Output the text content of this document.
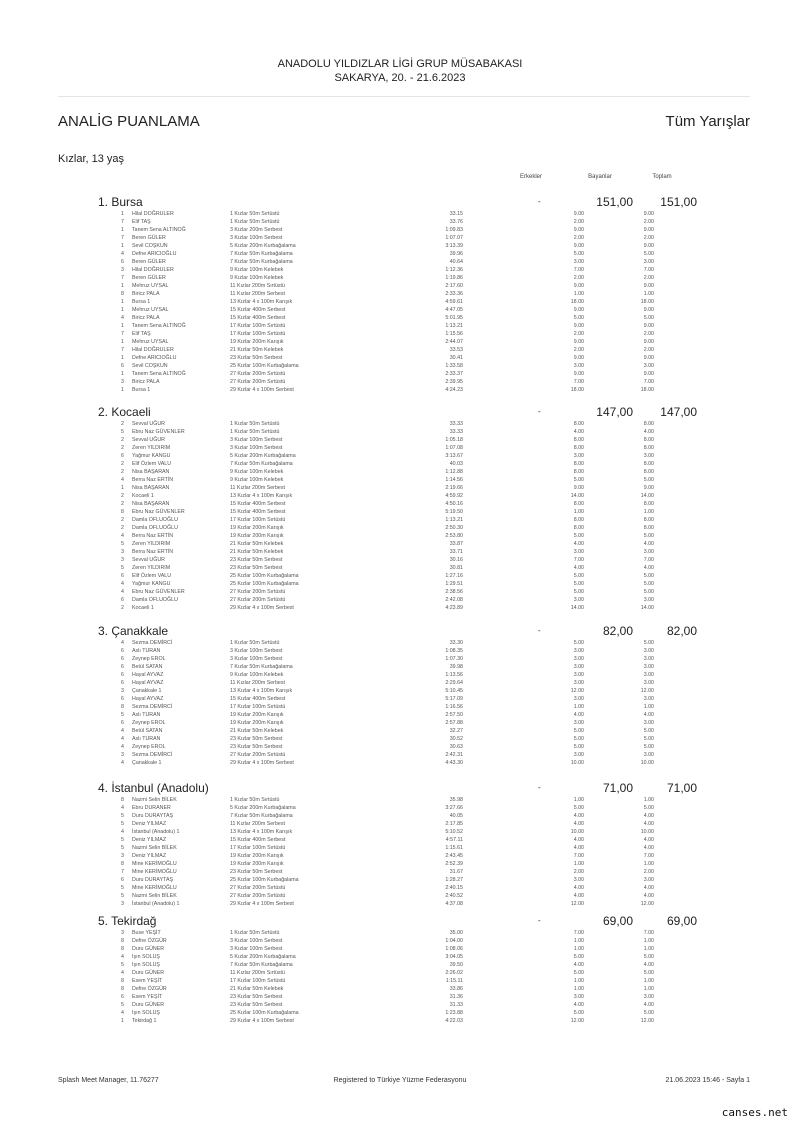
ANADOLU YILDIZLAR LİGİ GRUP MÜSABAKASI
SAKARYA, 20. - 21.6.2023
ANALİG PUANLAMA	Tüm Yarışlar
Kızlar, 13 yaş
Erkekler	Bayanlar	Toplam
1. Bursa	-	151,00	151,00
1 Hilal DOĞRULER	1 Kızlar 50m Sırtüstü	33.15	9.00	9.00
7 Elif TAŞ	1 Kızlar 50m Sırtüstü	33.76	2.00	2.00
1 Tanem Sena ALTINOĞ	3 Kızlar 200m Serbest	1:09.83	9.00	9.00
7 Beren GÜLER	3 Kızlar 100m Serbest	1:07.07	2.00	2.00
1 Sevil COŞKUN	5 Kızlar 200m Kurbağalama	3:13.39	9.00	9.00
4 Defne ARICIOĞLU	7 Kızlar 50m Kurbağalama	39.96	5.00	5.00
6 Beren GÜLER	7 Kızlar 50m Kurbağalama	40.64	3.00	3.00
3 Hilal DOĞRULER	9 Kızlar 100m Kelebek	1:12.36	7.00	7.00
7 Beren GÜLER	9 Kızlar 100m Kelebek	1:19.86	2.00	2.00
1 Mehruz UYSAL	11 Kızlar 200m Sırtüstü	2:17.60	9.00	9.00
8 Biricz PALA	11 Kızlar 200m Serbest	2:33.36	1.00	1.00
1 Bursa 1	13 Kızlar 4 x 100m Karışık	4:59.61	18.00	18.00
1 Mehruz UYSAL	15 Kızlar 400m Serbest	4:47.05	9.00	9.00
4 Biricz PALA	15 Kızlar 400m Serbest	5:01.95	5.00	5.00
1 Tanem Sena ALTINOĞ	17 Kızlar 100m Sırtüstü	1:13.21	9.00	9.00
7 Elif TAŞ	17 Kızlar 100m Sırtüstü	1:15.56	2.00	2.00
1 Mehruz UYSAL	19 Kızlar 200m Karışık	2:44.07	9.00	9.00
7 Hilal DOĞRULER	21 Kızlar 50m Kelebek	33.53	2.00	2.00
1 Defne ARICIOĞLU	23 Kızlar 50m Serbest	30.41	9.00	9.00
6 Sevil COŞKUN	25 Kızlar 100m Kurbağalama	1:33.58	3.00	3.00
1 Tanem Sena ALTINOĞ	27 Kızlar 200m Sırtüstü	2:33.37	9.00	9.00
3 Biricz PALA	27 Kızlar 200m Sırtüstü	2:39.95	7.00	7.00
1 Bursa 1	29 Kızlar 4 x 100m Serbest	4:24.23	18.00	18.00
2. Kocaeli	-	147,00	147,00
2 Sevval UĞUR	1 Kızlar 50m Sırtüstü	33.33	8.00	8.00
5 Ebru Naz GÜVENLER	1 Kızlar 50m Sırtüstü	33.33	4.00	4.00
2 Sevval UĞUR	3 Kızlar 100m Serbest	1:05.18	8.00	8.00
2 Zeren YILDIRIM	3 Kızlar 100m Serbest	1:07.08	8.00	8.00
6 Yağmur KANGU	5 Kızlar 200m Kurbağalama	3:13.67	3.00	3.00
2 Elif Özlem VALU	7 Kızlar 50m Kurbağalama	40.03	8.00	8.00
2 Nisa BAŞARAN	9 Kızlar 100m Kelebek	1:12.88	8.00	8.00
4 Berra Naz ERTİN	9 Kızlar 100m Kelebek	1:14.56	5.00	5.00
1 Nisa BAŞARAN	11 Kızlar 200m Serbest	2:19.66	9.00	9.00
2 Kocaeli 1	13 Kızlar 4 x 100m Karışık	4:59.92	14.00	14.00
2 Nisa BAŞARAN	15 Kızlar 400m Serbest	4:50.16	8.00	8.00
8 Ebru Naz GÜVENLER	15 Kızlar 400m Serbest	5:19.50	1.00	1.00
2 Damla OFLUOĞLU	17 Kızlar 100m Sırtüstü	1:13.21	8.00	8.00
2 Damla OFLUOĞLU	19 Kızlar 200m Karışık	2:50.30	8.00	8.00
4 Berra Naz ERTİN	19 Kızlar 200m Karışık	2:53.80	5.00	5.00
5 Zeren YILDIRIM	21 Kızlar 50m Kelebek	33.87	4.00	4.00
3 Berra Naz ERTİN	21 Kızlar 50m Kelebek	33.71	3.00	3.00
3 Sevval UĞUR	23 Kızlar 50m Serbest	30.16	7.00	7.00
5 Zeren YILDIRIM	23 Kızlar 50m Serbest	30.81	4.00	4.00
6 Elif Özlem VALU	25 Kızlar 100m Kurbağalama	1:27.16	5.00	5.00
4 Yağmur KANGU	25 Kızlar 100m Kurbağalama	1:29.51	5.00	5.00
4 Ebru Naz GÜVENLER	27 Kızlar 200m Sırtüstü	2:38.56	5.00	5.00
6 Damla OFLUOĞLU	27 Kızlar 200m Sırtüstü	2:42.08	3.00	3.00
2 Kocaeli 1	29 Kızlar 4 x 100m Serbest	4:23.89	14.00	14.00
3. Çanakkale	-	82,00	82,00
4 Sezma DEMİRCİ	1 Kızlar 50m Sırtüstü	33.30	5.00	5.00
6 Aslı TURAN	3 Kızlar 100m Serbest	1:08.35	3.00	3.00
6 Zeynep EROL	3 Kızlar 100m Serbest	1:07.30	3.00	3.00
6 Betül SATAN	7 Kızlar 50m Kurbağalama	39.98	3.00	3.00
6 Hayal AYVAZ	9 Kızlar 100m Kelebek	1:13.56	3.00	3.00
6 Hayal AYVAZ	11 Kızlar 200m Serbest	2:29.64	3.00	3.00
3 Çanakkale 1	13 Kızlar 4 x 100m Karışık	5:10.45	12.00	12.00
6 Hayal AYVAZ	15 Kızlar 400m Serbest	5:17.09	3.00	3.00
8 Sezma DEMİRCİ	17 Kızlar 100m Sırtüstü	1:16.56	1.00	1.00
5 Aslı TURAN	19 Kızlar 200m Karışık	2:57.50	4.00	4.00
6 Zeynep EROL	19 Kızlar 200m Karışık	2:57.88	3.00	3.00
4 Betül SATAN	21 Kızlar 50m Kelebek	32.27	5.00	5.00
4 Aslı TURAN	23 Kızlar 50m Serbest	30.52	5.00	5.00
4 Zeynep EROL	23 Kızlar 50m Serbest	30.63	5.00	5.00
3 Sezma DEMİRCİ	27 Kızlar 200m Sırtüstü	2:42.31	3.00	3.00
4 Çanakkale 1	29 Kızlar 4 x 100m Serbest	4:43.30	10.00	10.00
4. İstanbul (Anadolu)	-	71,00	71,00
8 Nazmi Selin BİLEK	1 Kızlar 50m Sırtüstü	35.98	1.00	1.00
4 Ebru DURANER	5 Kızlar 200m Kurbağalama	3:27.66	5.00	5.00
5 Duru DURAYTAŞ	7 Kızlar 50m Kurbağalama	40.05	4.00	4.00
5 Deniz YILMAZ	11 Kızlar 200m Serbest	2:17.85	4.00	4.00
4 İstanbul (Anadolu) 1	13 Kızlar 4 x 100m Karışık	5:10.52	10.00	10.00
5 Deniz YILMAZ	15 Kızlar 400m Serbest	4:57.11	4.00	4.00
5 Nazmi Selin BİLEK	17 Kızlar 100m Sırtüstü	1:15.61	4.00	4.00
3 Deniz YILMAZ	19 Kızlar 200m Karışık	2:43.45	7.00	7.00
8 Mine KERİMOĞLU	19 Kızlar 200m Karışık	2:52.39	1.00	1.00
7 Mine KERİMOĞLU	23 Kızlar 50m Serbest	31.67	2.00	2.00
6 Duru DURAYTAŞ	25 Kızlar 100m Kurbağalama	1:28.27	3.00	3.00
5 Mine KERİMOĞLU	27 Kızlar 200m Sırtüstü	2:40.15	4.00	4.00
5 Nazmi Selin BİLEK	27 Kızlar 200m Sırtüstü	2:40.52	4.00	4.00
3 İstanbul (Anadolu) 1	29 Kızlar 4 x 100m Serbest	4:37.08	12.00	12.00
5. Tekirdağ	-	69,00	69,00
3 Buse YEŞİT	1 Kızlar 50m Sırtüstü	35.00	7.00	7.00
8 Defne ÖZGÜR	3 Kızlar 100m Serbest	1:04.00	1.00	1.00
8 Duru GÜNER	3 Kızlar 100m Serbest	1:08.06	1.00	1.00
4 Işın SOLUŞ	5 Kızlar 200m Kurbağalama	3:04.05	5.00	5.00
5 Işın SOLUŞ	7 Kızlar 50m Kurbağalama	39.50	4.00	4.00
4 Duru GÜNER	11 Kızlar 200m Sırtüstü	2:26.02	5.00	5.00
8 Esem YEŞİT	17 Kızlar 100m Sırtüstü	1:15.11	1.00	1.00
8 Defne ÖZGÜR	21 Kızlar 50m Kelebek	33.86	1.00	1.00
6 Esem YEŞİT	23 Kızlar 50m Serbest	31.36	3.00	3.00
5 Duru GÜNER	23 Kızlar 50m Serbest	31.33	4.00	4.00
4 Işın SOLUŞ	25 Kızlar 100m Kurbağalama	1:23.88	5.00	5.00
1 Tekirdağ 1	29 Kızlar 4 x 100m Serbest	4:22.03	12.00	12.00
Splash Meet Manager, 11.76277	Registered to Türkiye Yüzme Federasyonu	21.06.2023 15:46 - Sayfa 1
canses.net
